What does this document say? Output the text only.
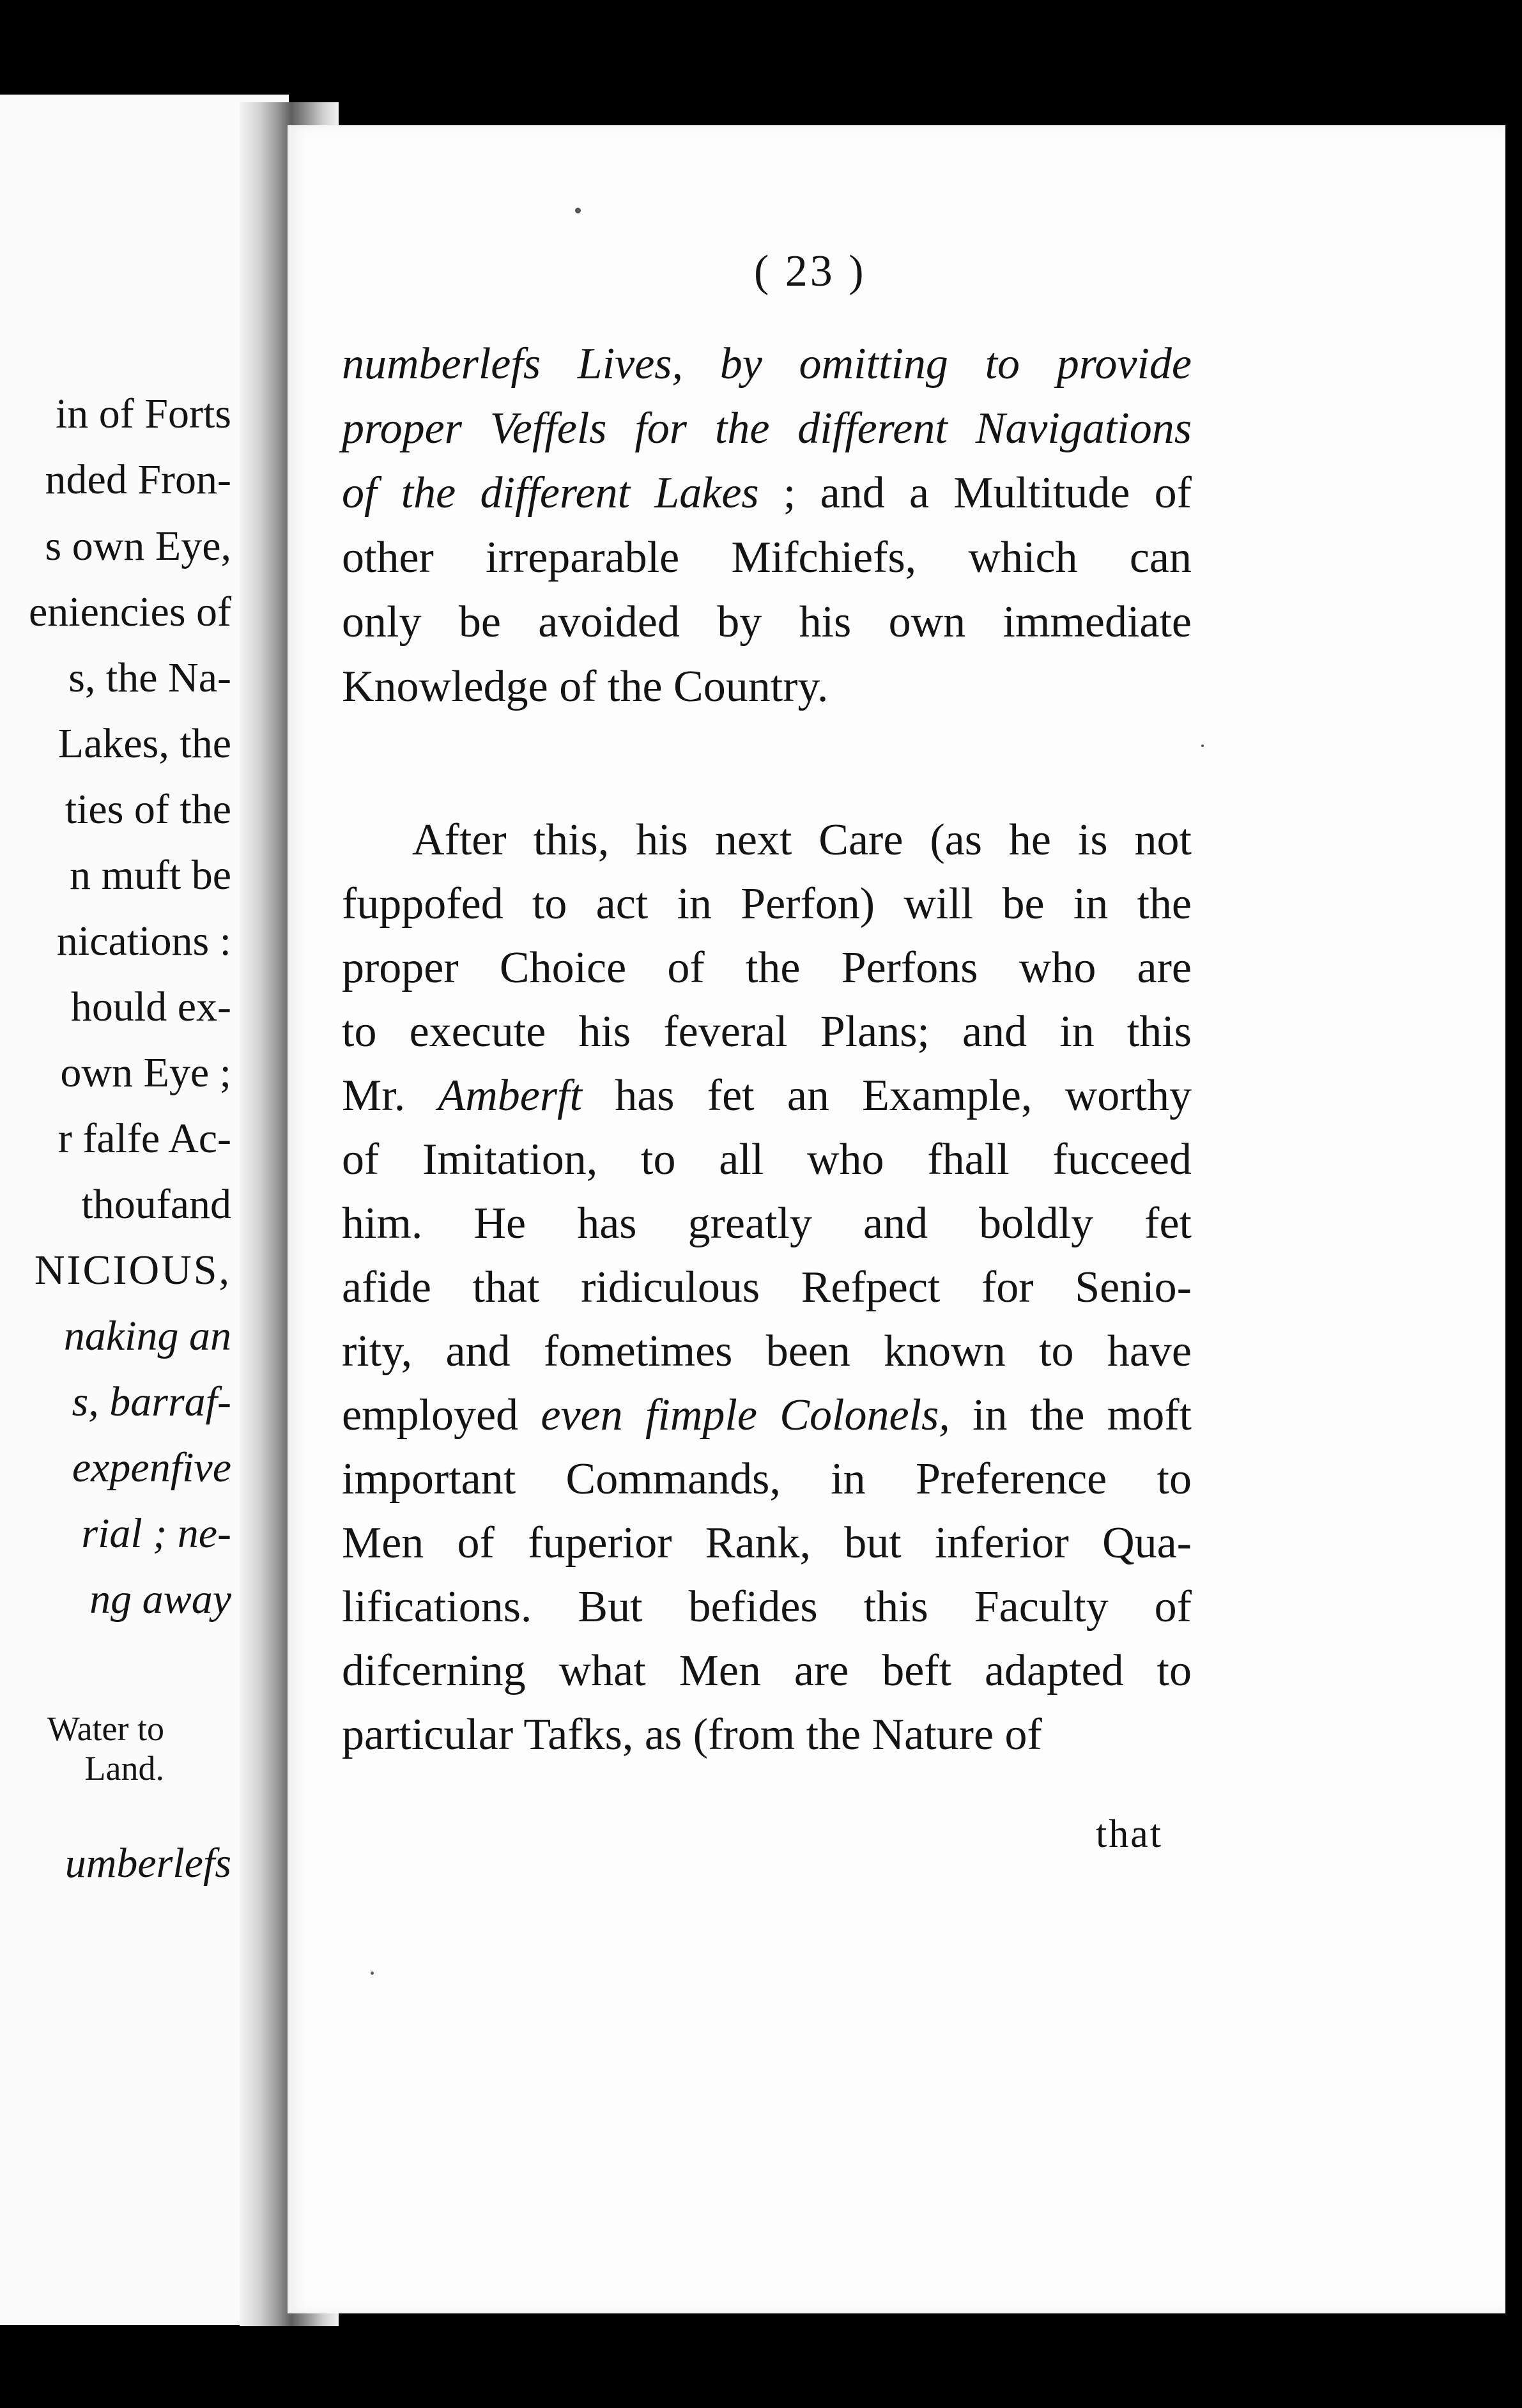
in of Forts
nded Fron-
s own Eye,
eniencies of
s, the Na-
Lakes, the
ties of the
n muft be
nications :
hould ex-
own Eye ;
r falfe Ac-
thoufand
NICIOUS,
naking an
s, barraf-
expenfive
rial ; ne-
ng away
Water to
Land.
umberlefs
( 23 )
numberlefs Lives, by omitting to provide
proper Veffels for the different Navigations
of the different Lakes ; and a Multitude of
other irreparable Mifchiefs, which can
only be avoided by his own immediate
Knowledge of the Country.
After this, his next Care (as he is not
fuppofed to act in Perfon) will be in the
proper Choice of the Perfons who are
to execute his feveral Plans; and in this
Mr. Amberft has fet an Example, worthy
of Imitation, to all who fhall fucceed
him. He has greatly and boldly fet
afide that ridiculous Refpect for Senio-
rity, and fometimes been known to have
employed even fimple Colonels, in the moft
important Commands, in Preference to
Men of fuperior Rank, but inferior Qua-
lifications. But befides this Faculty of
difcerning what Men are beft adapted to
particular Tafks, as (from the Nature of
that
